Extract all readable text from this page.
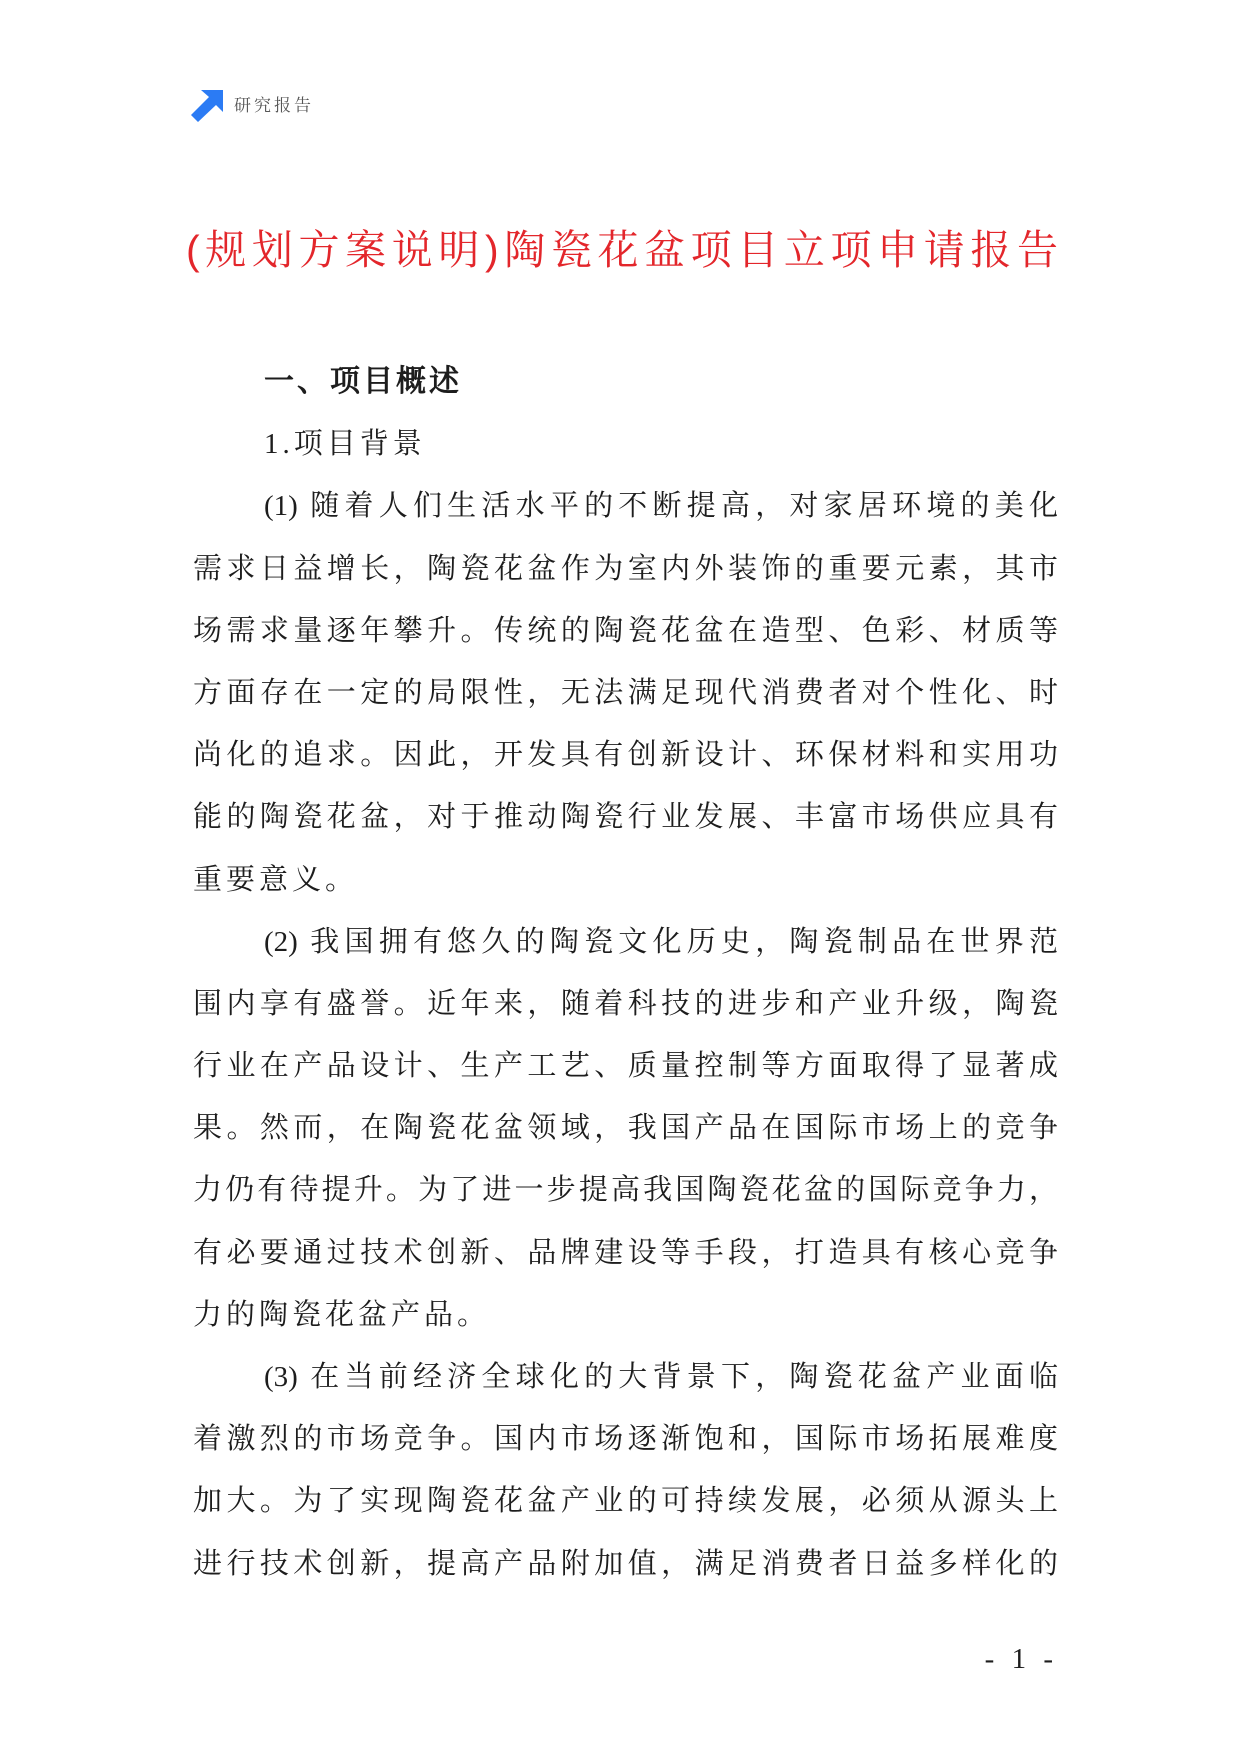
研究报告
(规划方案说明)陶瓷花盆项目立项申请报告
一、项目概述
1.项目背景
(1) 随着人们生活水平的不断提高，对家居环境的美化
需求日益增长，陶瓷花盆作为室内外装饰的重要元素，其市
场需求量逐年攀升。传统的陶瓷花盆在造型、色彩、材质等
方面存在一定的局限性，无法满足现代消费者对个性化、时
尚化的追求。因此，开发具有创新设计、环保材料和实用功
能的陶瓷花盆，对于推动陶瓷行业发展、丰富市场供应具有
重要意义。
(2) 我国拥有悠久的陶瓷文化历史，陶瓷制品在世界范
围内享有盛誉。近年来，随着科技的进步和产业升级，陶瓷
行业在产品设计、生产工艺、质量控制等方面取得了显著成
果。然而，在陶瓷花盆领域，我国产品在国际市场上的竞争
力仍有待提升。为了进一步提高我国陶瓷花盆的国际竞争力，
有必要通过技术创新、品牌建设等手段，打造具有核心竞争
力的陶瓷花盆产品。
(3) 在当前经济全球化的大背景下，陶瓷花盆产业面临
着激烈的市场竞争。国内市场逐渐饱和，国际市场拓展难度
加大。为了实现陶瓷花盆产业的可持续发展，必须从源头上
进行技术创新，提高产品附加值，满足消费者日益多样化的
- 1 -
